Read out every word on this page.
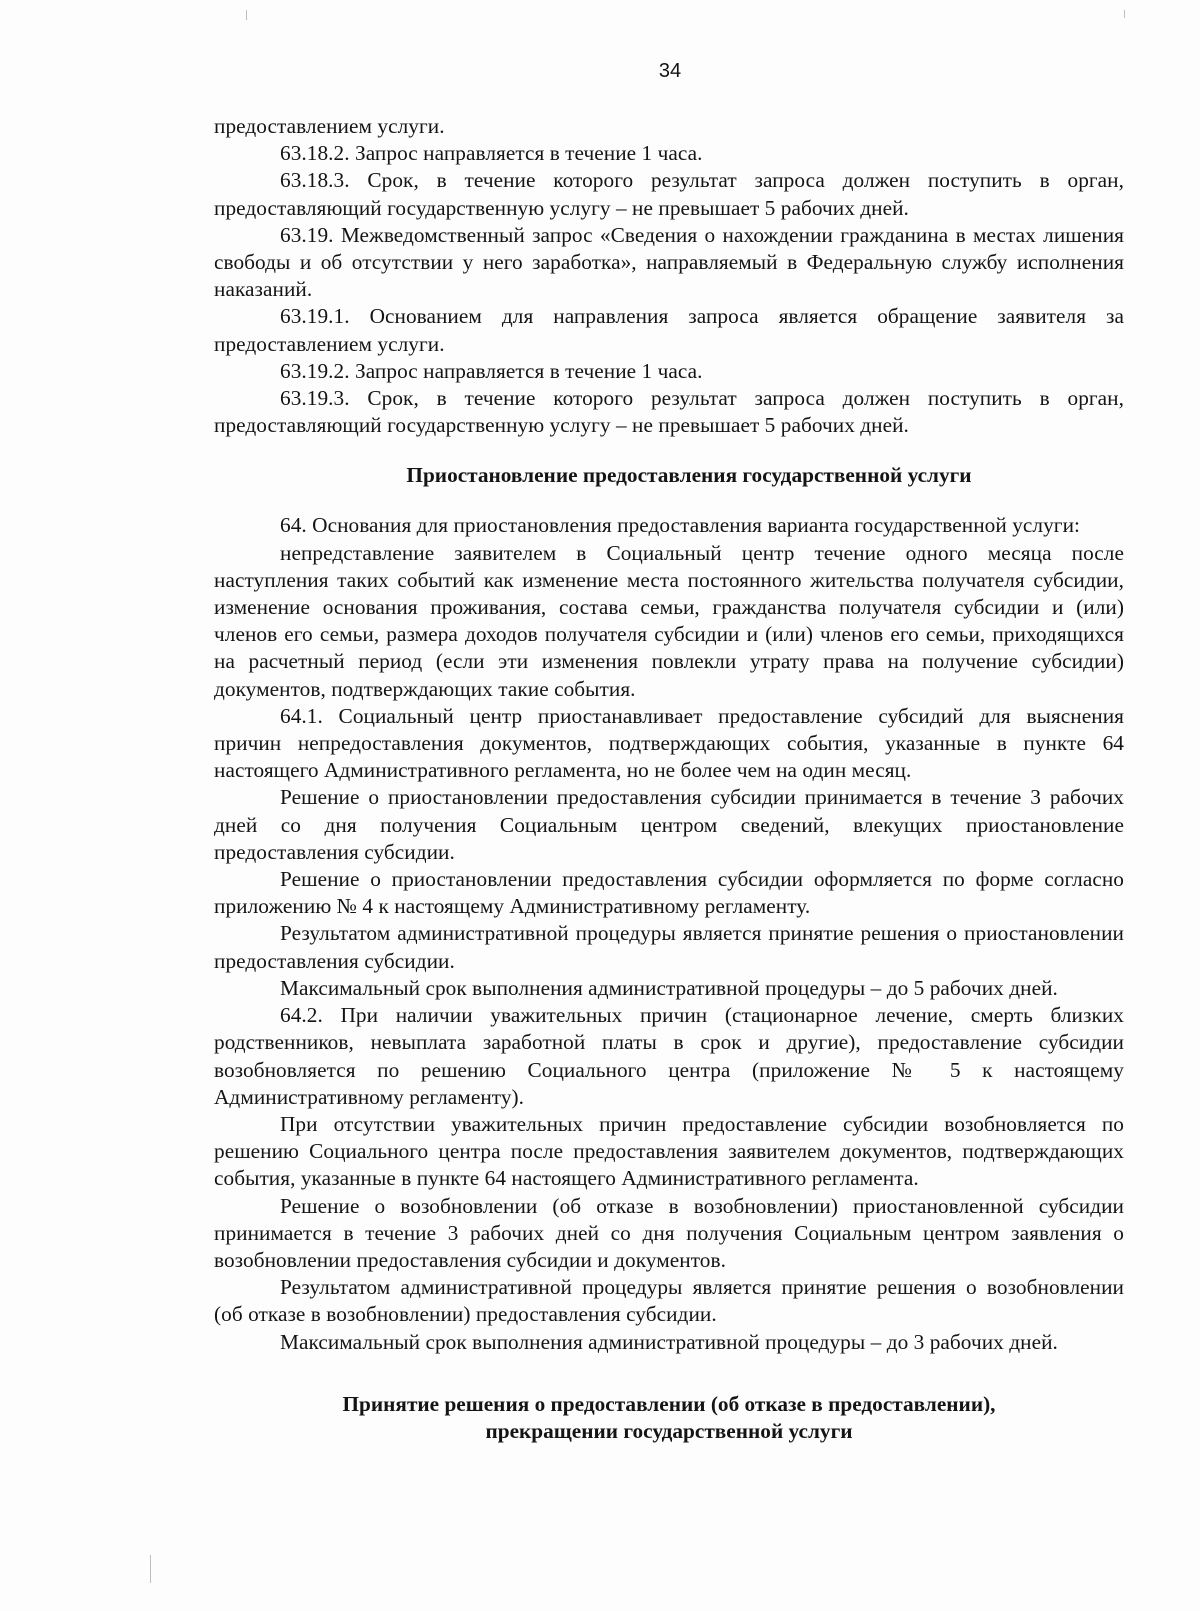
34

предоставлением услуги.

63.18.2. Запрос направляется в течение 1 часа.

63.18.3. Срок, в течение которого результат запроса должен поступить в орган, предоставляющий государственную услугу – не превышает 5 рабочих дней.

63.19. Межведомственный запрос «Сведения о нахождении гражданина в местах лишения свободы и об отсутствии у него заработка», направляемый в Федеральную службу исполнения наказаний.

63.19.1. Основанием для направления запроса является обращение заявителя за предоставлением услуги.

63.19.2. Запрос направляется в течение 1 часа.

63.19.3. Срок, в течение которого результат запроса должен поступить в орган, предоставляющий государственную услугу – не превышает 5 рабочих дней.

Приостановление предоставления государственной услуги

64. Основания для приостановления предоставления варианта государственной услуги:

непредставление заявителем в Социальный центр течение одного месяца после наступления таких событий как изменение места постоянного жительства получателя субсидии, изменение основания проживания, состава семьи, гражданства получателя субсидии и (или) членов его семьи, размера доходов получателя субсидии и (или) членов его семьи, приходящихся на расчетный период (если эти изменения повлекли утрату права на получение субсидии) документов, подтверждающих такие события.

64.1. Социальный центр приостанавливает предоставление субсидий для выяснения причин непредоставления документов, подтверждающих события, указанные в пункте 64 настоящего Административного регламента, но не более чем на один месяц.

Решение о приостановлении предоставления субсидии принимается в течение 3 рабочих дней со дня получения Социальным центром сведений, влекущих приостановление предоставления субсидии.

Решение о приостановлении предоставления субсидии оформляется по форме согласно приложению № 4 к настоящему Административному регламенту.

Результатом административной процедуры является принятие решения о приостановлении предоставления субсидии.

Максимальный срок выполнения административной процедуры – до 5 рабочих дней.

64.2. При наличии уважительных причин (стационарное лечение, смерть близких родственников, невыплата заработной платы в срок и другие), предоставление субсидии возобновляется по решению Социального центра (приложение № 5 к настоящему Административному регламенту).

При отсутствии уважительных причин предоставление субсидии возобновляется по решению Социального центра после предоставления заявителем документов, подтверждающих события, указанные в пункте 64 настоящего Административного регламента.

Решение о возобновлении (об отказе в возобновлении) приостановленной субсидии принимается в течение 3 рабочих дней со дня получения Социальным центром заявления о возобновлении предоставления субсидии и документов.

Результатом административной процедуры является принятие решения о возобновлении (об отказе в возобновлении) предоставления субсидии.

Максимальный срок выполнения административной процедуры – до 3 рабочих дней.

Принятие решения о предоставлении (об отказе в предоставлении),
прекращении государственной услуги
